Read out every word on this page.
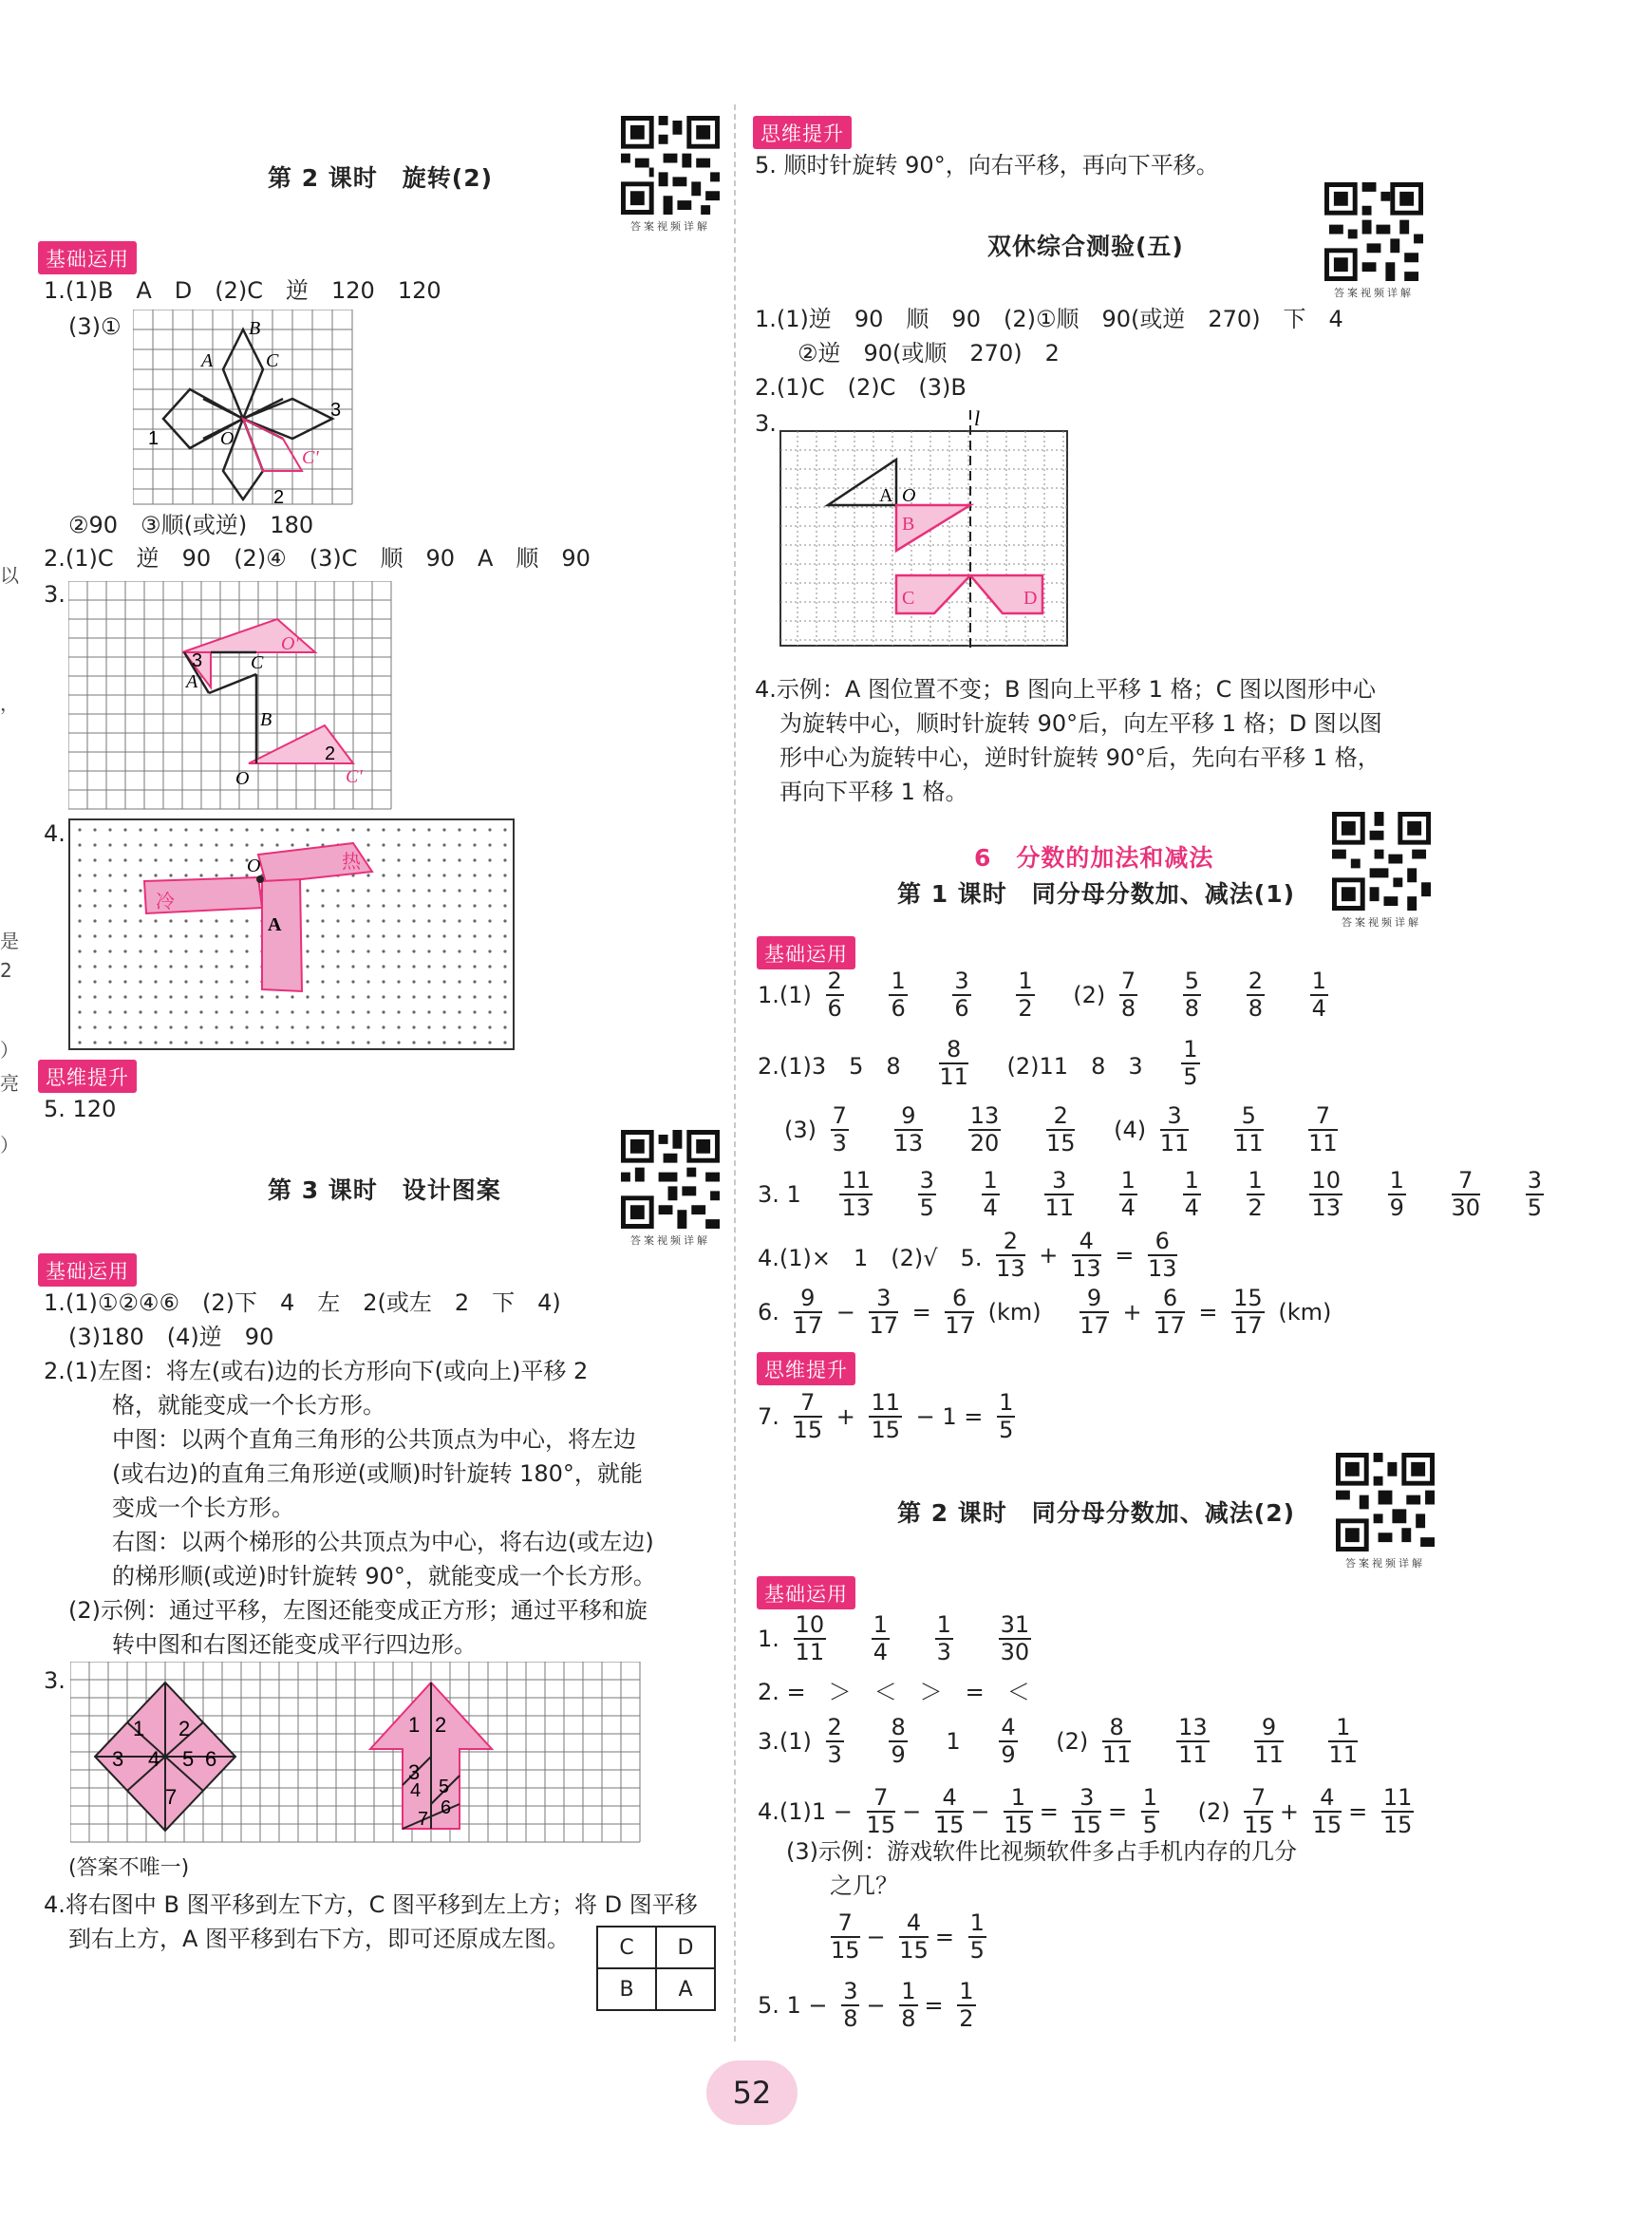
以
，
是
2
）
亮
）
答案视频详解
答案视频详解
答案视频详解
答案视频详解
答案视频详解
第 2 课时　旋转(2)
基础运用
1.(1)B　A　D　(2)C　逆　120　120
(3)①
A
B
C
O
1
2
3
C'
②90　③顺(或逆)　180
2.(1)C　逆　90　(2)④　(3)C　顺　90　A　顺　90
3.
3	C
O'
A
B
2
O	C'
4.
O	热
冷
A
思维提升
5. 120
第 3 课时　设计图案
基础运用
1.(1)①②④⑥　(2)下　4　左　2(或左　2　下　4)
(3)180　(4)逆　90

2.(1)左图：将左(或右)边的长方形向下(或向上)平移 2

格，就能变成一个长方形。

中图：以两个直角三角形的公共顶点为中心，将左边

(或右边)的直角三角形逆(或顺)时针旋转 180°，就能

变成一个长方形。

右图：以两个梯形的公共顶点为中心，将右边(或左边)

的梯形顺(或逆)时针旋转 90°，就能变成一个长方形。

(2)示例：通过平移，左图还能变成正方形；通过平移和旋

转中图和右图还能变成平行四边形。

3.
1 2
3 4 5 6
7
1 2
3
4 5
6
7
(答案不唯一)

4.将右图中 B 图平移到左下方，C 图平移到左上方；将 D 图平移

到右上方，A 图平移到右下方，即可还原成左图。	C	D
B	A
思维提升
5. 顺时针旋转 90°，向右平移，再向下平移。
双休综合测验(五)
1.(1)逆　90　顺　90　(2)①顺　90(或逆　270)　下　4
②逆　90(或顺　270)　2
2.(1)C　(2)C　(3)B
3.	l
A O
B
C	D

4.示例：A 图位置不变；B 图向上平移 1 格；C 图以图形中心

为旋转中心，顺时针旋转 90°后，向左平移 1 格；D 图以图

形中心为旋转中心，逆时针旋转 90°后，先向右平移 1 格，

再向下平移 1 格。

6　分数的加法和减法
第 1 课时　同分母分数加、减法(1)
基础运用
$1.(1) \frac{2}{6}$
$\frac{1}{6}$
$\frac{3}{6}$
$\frac{1}{2} (2) \frac{7}{8}$
$\frac{5}{8}$
$\frac{2}{8}$
$\frac{1}{4}$
2.(1)3　5　$8 \frac{8}{11} (2)11$　8　$3 \frac{1}{5}$
$(3) \frac{7}{3}$
$\frac{9}{13}$
$\frac{13}{20}$
$\frac{2}{15} (4) \frac{3}{11}$
$\frac{5}{11}$
$\frac{7}{11}$
3. $1 \frac{11}{13}$
$\frac{3}{5}$
$\frac{1}{4}$
$\frac{3}{11}$
$\frac{1}{4}$
$\frac{1}{4}$
$\frac{1}{2}$
$\frac{10}{13}$
$\frac{1}{9}$
$\frac{7}{30}$
$\frac{3}{5}$
4.(1)×　1　(2)√　5. $\frac{2}{13} + \frac{4}{13} = \frac{6}{13}$
6. $\frac{9}{17} - \frac{3}{17} = \frac{6}{17} (km) \frac{9}{17} + \frac{6}{17} = \frac{15}{17} (km)$
思维提升
7. $\frac{7}{15} + \frac{11}{15} - 1 = \frac{1}{5}$
第 2 课时　同分母分数加、减法(2)
基础运用
1. $\frac{10}{11}$
$\frac{1}{4}$
$\frac{1}{3}$
$\frac{31}{30}$
2. =　＞　＜　＞　=　＜
$3.(1) \frac{2}{3}$
$\frac{8}{9} 1 \frac{4}{9} (2) \frac{8}{11}$
$\frac{13}{11}$
$\frac{9}{11}$
$\frac{1}{11}$
$4.(1)1 - \frac{7}{15} - \frac{4}{15} - \frac{1}{15} = \frac{3}{15} = \frac{1}{5} (2) \frac{7}{15} + \frac{4}{15} = \frac{11}{15}$

(3)示例：游戏软件比视频软件多占手机内存的几分

之几？

$\frac{7}{15} - \frac{4}{15} = \frac{1}{5}$
5. $1 - \frac{3}{8} - \frac{1}{8} = \frac{1}{2}$
52
